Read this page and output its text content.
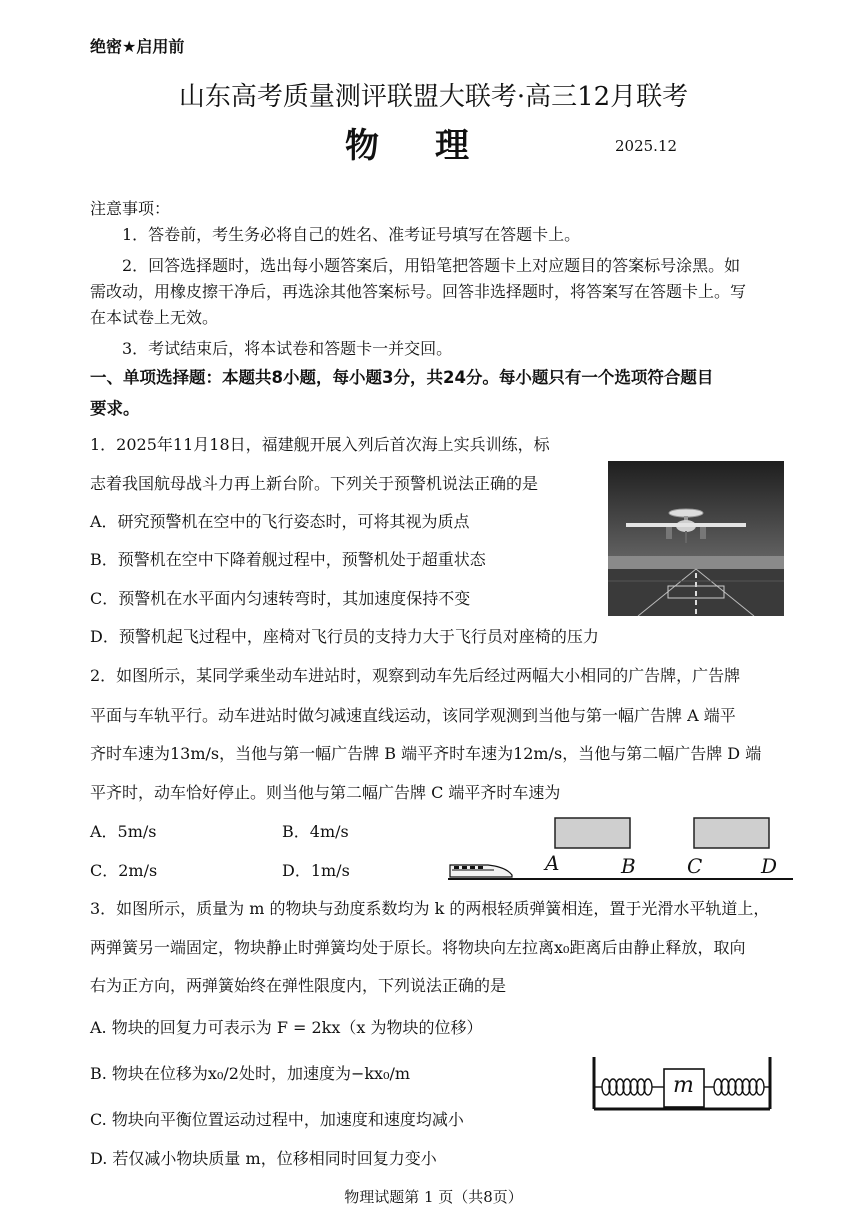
绝密★启用前
山东高考质量测评联盟大联考·高三12月联考
物理	2025.12
注意事项：
1．答卷前，考生务必将自己的姓名、准考证号填写在答题卡上。
2．回答选择题时，选出每小题答案后，用铅笔把答题卡上对应题目的答案标号涂黑。如
需改动，用橡皮擦干净后，再选涂其他答案标号。回答非选择题时，将答案写在答题卡上。写
在本试卷上无效。
3．考试结束后，将本试卷和答题卡一并交回。
一、单项选择题：本题共8小题，每小题3分，共24分。每小题只有一个选项符合题目
要求。
1．2025年11月18日，福建舰开展入列后首次海上实兵训练，标
志着我国航母战斗力再上新台阶。下列关于预警机说法正确的是
A．研究预警机在空中的飞行姿态时，可将其视为质点
B．预警机在空中下降着舰过程中，预警机处于超重状态
C．预警机在水平面内匀速转弯时，其加速度保持不变
D．预警机起飞过程中，座椅对飞行员的支持力大于飞行员对座椅的压力
2．如图所示，某同学乘坐动车进站时，观察到动车先后经过两幅大小相同的广告牌，广告牌
平面与车轨平行。动车进站时做匀减速直线运动，该同学观测到当他与第一幅广告牌 A 端平
齐时车速为13m/s，当他与第一幅广告牌 B 端平齐时车速为12m/s，当他与第二幅广告牌 D 端
平齐时，动车恰好停止。则当他与第二幅广告牌 C 端平齐时车速为
A．5m/s	B．4m/s
C．2m/s	D．1m/s	A	B	C	D
3．如图所示，质量为 m 的物块与劲度系数均为 k 的两根轻质弹簧相连，置于光滑水平轨道上，
两弹簧另一端固定，物块静止时弹簧均处于原长。将物块向左拉离x₀距离后由静止释放，取向
右为正方向，两弹簧始终在弹性限度内，下列说法正确的是
A. 物块的回复力可表示为 F = 2kx（x 为物块的位移）
B. 物块在位移为x₀/2处时，加速度为−kx₀/m
C. 物块向平衡位置运动过程中，加速度和速度均减小
D. 若仅减小物块质量 m，位移相同时回复力变小
m
物理试题第 1 页（共8页）
